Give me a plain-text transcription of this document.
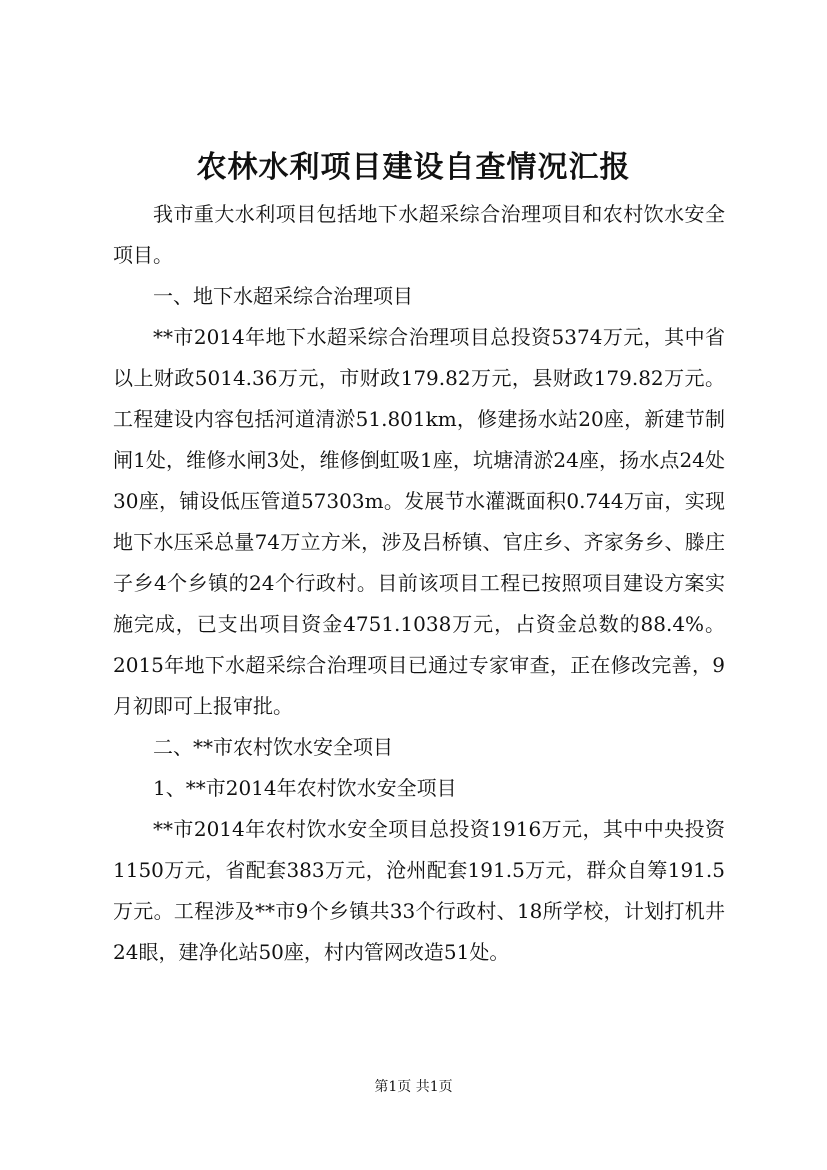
农林水利项目建设自查情况汇报

我市重大水利项目包括地下水超采综合治理项目和农村饮水安全项目。

一、地下水超采综合治理项目

**市2014年地下水超采综合治理项目总投资5374万元，其中省以上财政5014.36万元，市财政179.82万元，县财政179.82万元。工程建设内容包括河道清淤51.801km，修建扬水站20座，新建节制闸1处，维修水闸3处，维修倒虹吸1座，坑塘清淤24座，扬水点24处30座，铺设低压管道57303m。发展节水灌溉面积0.744万亩，实现地下水压采总量74万立方米，涉及吕桥镇、官庄乡、齐家务乡、滕庄子乡4个乡镇的24个行政村。目前该项目工程已按照项目建设方案实施完成，已支出项目资金4751.1038万元，占资金总数的88.4%。2015年地下水超采综合治理项目已通过专家审查，正在修改完善，9月初即可上报审批。

二、**市农村饮水安全项目

1、**市2014年农村饮水安全项目

**市2014年农村饮水安全项目总投资1916万元，其中中央投资1150万元，省配套383万元，沧州配套191.5万元，群众自筹191.5万元。工程涉及**市9个乡镇共33个行政村、18所学校，计划打机井24眼，建净化站50座，村内管网改造51处。

第1页 共1页
